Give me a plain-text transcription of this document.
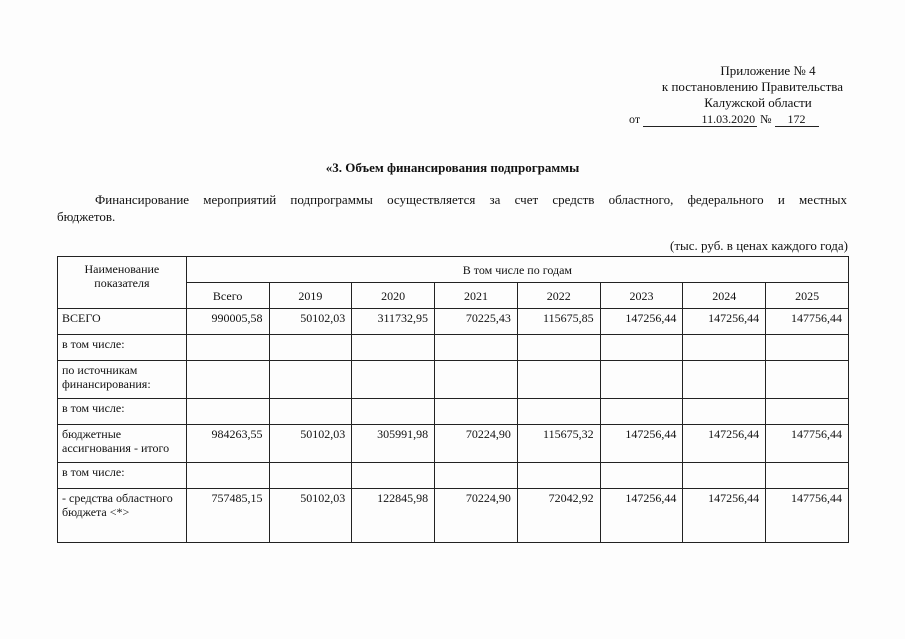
Приложение № 4
к постановлению Правительства
Калужской области
от	11.03.2020 № 172
«3. Объем финансирования подпрограммы
Финансирование мероприятий подпрограммы осуществляется за счет средств областного, федерального и местных бюджетов.
(тыс. руб. в ценах каждого года)
Наименование показателя	В том числе по годам							
	Всего	2019	2020	2021	2022	2023	2024	2025
ВСЕГО	990005,58	50102,03	311732,95	70225,43	115675,85	147256,44	147256,44	147756,44
в том числе:								
по источникам финансирования:								
в том числе:								
бюджетные ассигнования - итого	984263,55	50102,03	305991,98	70224,90	115675,32	147256,44	147256,44	147756,44
в том числе:								
- средства областного бюджета <*>	757485,15	50102,03	122845,98	70224,90	72042,92	147256,44	147256,44	147756,44
